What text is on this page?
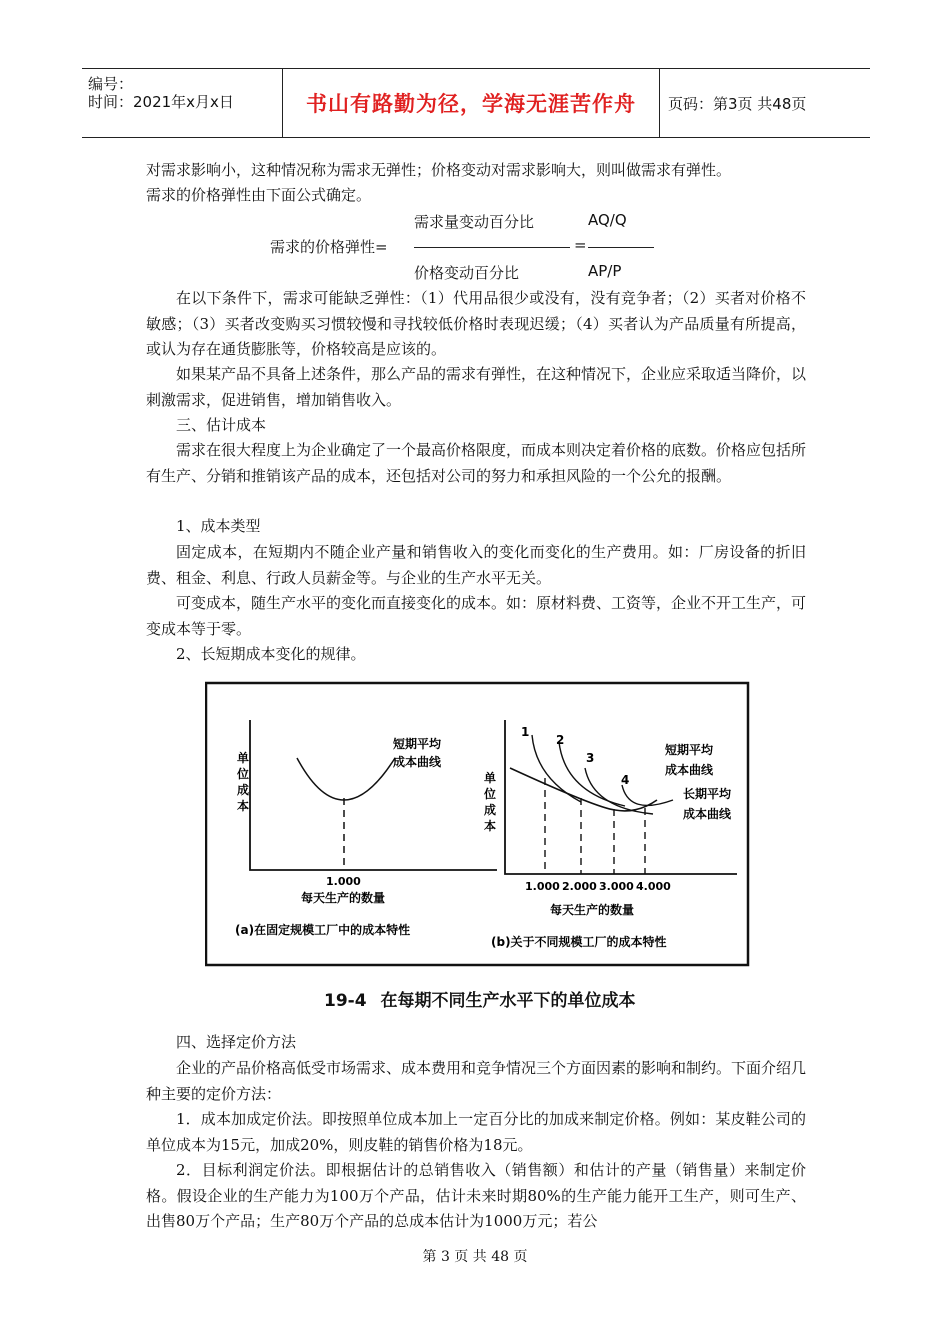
编号：
时间：2021年x月x日	书山有路勤为径，学海无涯苦作舟	页码：第3页 共48页

对需求影响小，这种情况称为需求无弹性；价格变动对需求影响大，则叫做需求有弹性。

需求的价格弹性由下面公式确定。

需求量变动百分比	AQ/Q
需求的价格弹性=	=
价格变动百分比	AP/P

在以下条件下，需求可能缺乏弹性：（1）代用品很少或没有，没有竞争者；（2）买者对价格不敏感；（3）买者改变购买习惯较慢和寻找较低价格时表现迟缓；（4）买者认为产品质量有所提高，或认为存在通货膨胀等，价格较高是应该的。

如果某产品不具备上述条件，那么产品的需求有弹性，在这种情况下，企业应采取适当降价，以刺激需求，促进销售，增加销售收入。

三、估计成本

需求在很大程度上为企业确定了一个最高价格限度，而成本则决定着价格的底数。价格应包括所有生产、分销和推销该产品的成本，还包括对公司的努力和承担风险的一个公允的报酬。

1、成本类型

固定成本，在短期内不随企业产量和销售收入的变化而变化的生产费用。如：厂房设备的折旧费、租金、利息、行政人员薪金等。与企业的生产水平无关。

可变成本，随生产水平的变化而直接变化的成本。如：原材料费、工资等，企业不开工生产，可变成本等于零。

2、长短期成本变化的规律。

单
位
成
本
短期平均
成本曲线
1.000
每天生产的数量
(a)在固定规模工厂中的成本特性
单
位
成
本
1
2
3
4
短期平均
成本曲线
长期平均
成本曲线
1.000 2.000 3.000 4.000
每天生产的数量
(b)关于不同规模工厂的成本特性
19-4 在每期不同生产水平下的单位成本

四、选择定价方法

企业的产品价格高低受市场需求、成本费用和竞争情况三个方面因素的影响和制约。下面介绍几种主要的定价方法：

1．成本加成定价法。即按照单位成本加上一定百分比的加成来制定价格。例如：某皮鞋公司的单位成本为15元，加成20%，则皮鞋的销售价格为18元。

2．目标利润定价法。即根据估计的总销售收入（销售额）和估计的产量（销售量）来制定价格。假设企业的生产能力为100万个产品，估计未来时期80%的生产能力能开工生产，则可生产、出售80万个产品；生产80万个产品的总成本估计为1000万元；若公

第 3 页 共 48 页
